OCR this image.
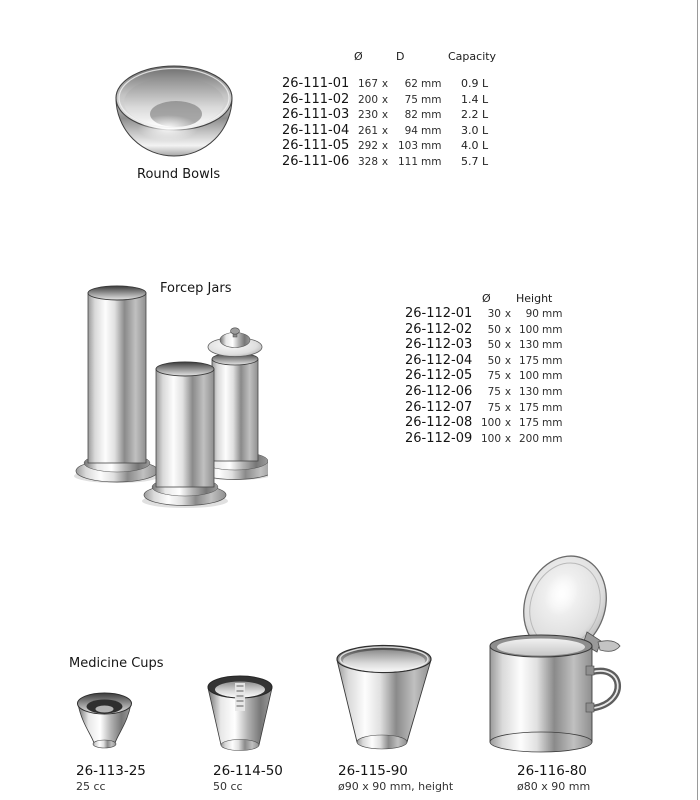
Round Bowls
Ø	D	Capacity
26-111-01 167 x	62 mm	0.9 L
26-111-02 200 x	75 mm	1.4 L
26-111-03 230 x	82 mm	2.2 L
26-111-04 261 x	94 mm	3.0 L
26-111-05 292 x 103 mm	4.0 L
26-111-06 328 x 111 mm	5.7 L
Forcep Jars
Ø Height
26-112-01	30 x	90 mm
26-112-02	50 x 100 mm
26-112-03	50 x 130 mm
26-112-04	50 x 175 mm
26-112-05	75 x 100 mm
26-112-06	75 x 130 mm
26-112-07	75 x 175 mm
26-112-08 100 x 175 mm
26-112-09 100 x 200 mm
Medicine Cups
26-113-25
25 cc
26-114-50
50 cc
26-115-90
ø90 x 90 mm, height
26-116-80
ø80 x 90 mm
